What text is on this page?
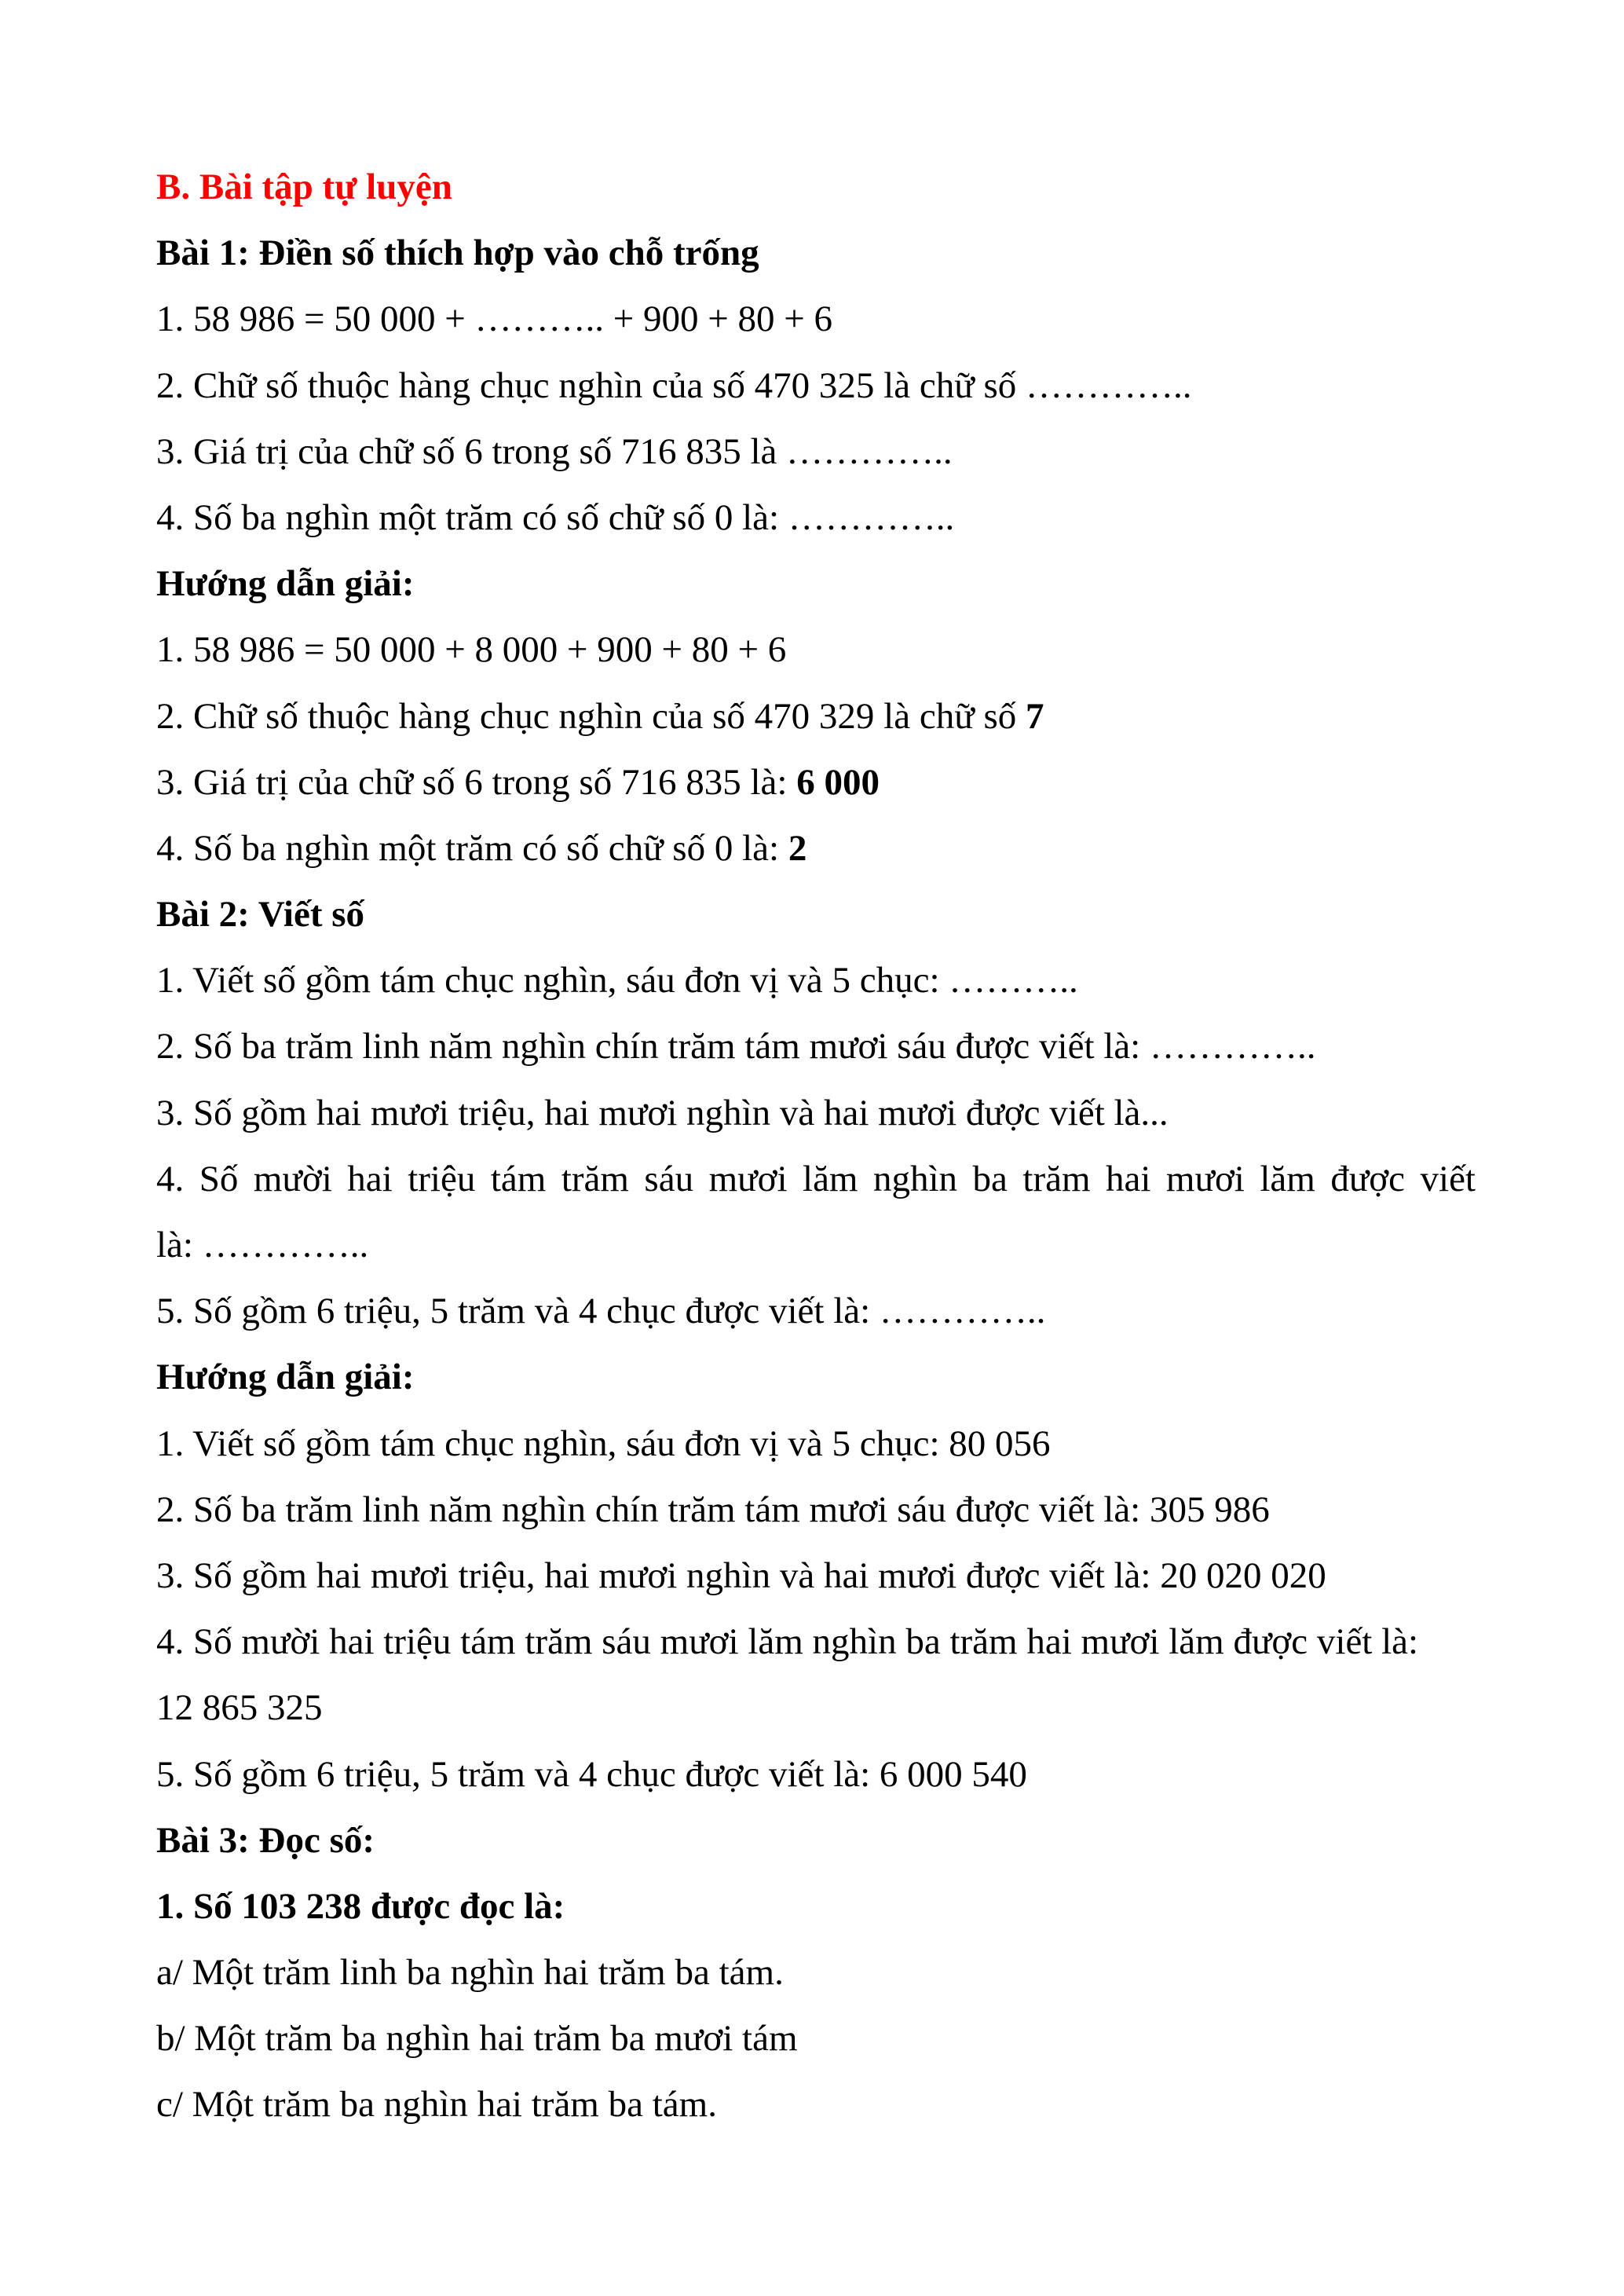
B. Bài tập tự luyện
Bài 1: Điền số thích hợp vào chỗ trống
1. 58 986 = 50 000 + ……….. + 900 + 80 + 6
2. Chữ số thuộc hàng chục nghìn của số 470 325 là chữ số …………..
3. Giá trị của chữ số 6 trong số 716 835 là …………..
4. Số ba nghìn một trăm có số chữ số 0 là: …………..
Hướng dẫn giải:
1. 58 986 = 50 000 + 8 000 + 900 + 80 + 6
2. Chữ số thuộc hàng chục nghìn của số 470 329 là chữ số 7
3. Giá trị của chữ số 6 trong số 716 835 là: 6 000
4. Số ba nghìn một trăm có số chữ số 0 là: 2
Bài 2: Viết số
1. Viết số gồm tám chục nghìn, sáu đơn vị và 5 chục: ………..
2. Số ba trăm linh năm nghìn chín trăm tám mươi sáu được viết là: …………..
3. Số gồm hai mươi triệu, hai mươi nghìn và hai mươi được viết là...
4. Số mười hai triệu tám trăm sáu mươi lăm nghìn ba trăm hai mươi lăm được viết
là: …………..
5. Số gồm 6 triệu, 5 trăm và 4 chục được viết là: …………..
Hướng dẫn giải:
1. Viết số gồm tám chục nghìn, sáu đơn vị và 5 chục: 80 056
2. Số ba trăm linh năm nghìn chín trăm tám mươi sáu được viết là: 305 986
3. Số gồm hai mươi triệu, hai mươi nghìn và hai mươi được viết là: 20 020 020
4. Số mười hai triệu tám trăm sáu mươi lăm nghìn ba trăm hai mươi lăm được viết là:
12 865 325
5. Số gồm 6 triệu, 5 trăm và 4 chục được viết là: 6 000 540
Bài 3: Đọc số:
1. Số 103 238 được đọc là:
a/ Một trăm linh ba nghìn hai trăm ba tám.
b/ Một trăm ba nghìn hai trăm ba mươi tám
c/ Một trăm ba nghìn hai trăm ba tám.
